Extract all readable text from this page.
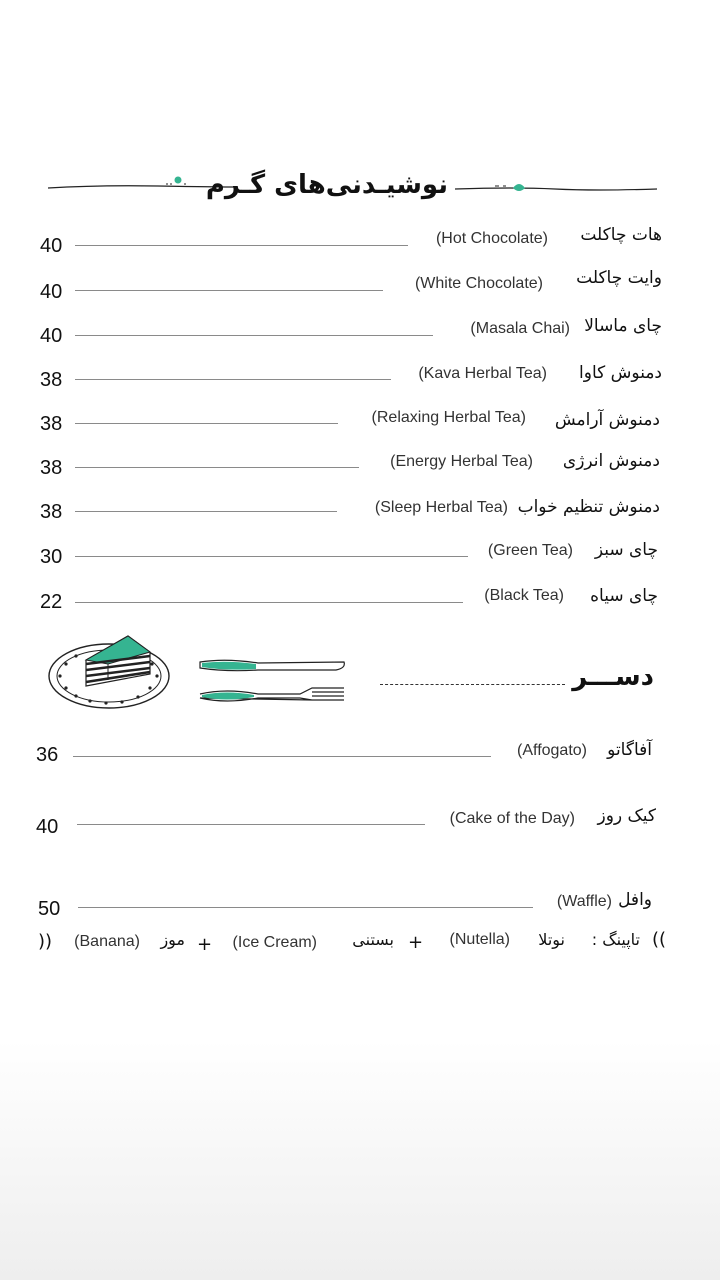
نوشیـدنی‌های گـرم
40	(Hot Chocolate) هات چاکلت
40	(White Chocolate) وایت چاکلت
40	(Masala Chai) چای ماسالا
38	(Kava Herbal Tea) دمنوش کاوا
38	(Relaxing Herbal Tea) دمنوش آرامش
38	(Energy Herbal Tea) دمنوش انرژی
38	(Sleep Herbal Tea) دمنوش تنظیم خواب
30	(Green Tea) چای سبز
22	(Black Tea) چای سیاه
دســـر
36	(Affogato) آفاگاتو
40	(Cake of the Day) کیک روز
50	(Waffle) وافل
((
تاپینگ :
نوتلا
(Nutella)
+
بستنی
(Ice Cream)
+
موز
(Banana)
))
